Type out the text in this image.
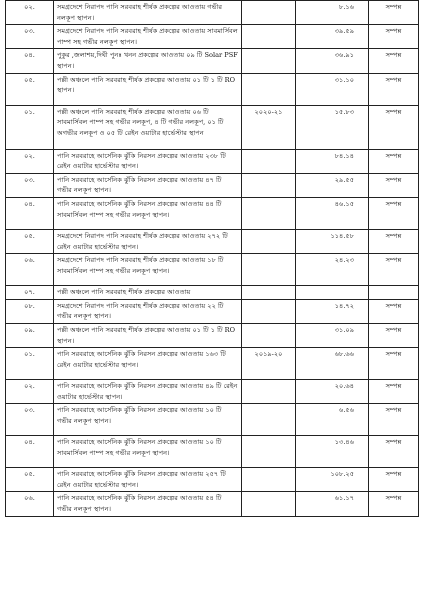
০২.	সমগ্রদেশে নিরাপদ পানি সরবরাহ শীর্ষক প্রকল্পের আওতায় গভীর নলকূপ স্থাপন।		৮.১৬	সম্পন্ন
০৩.	সমগ্রদেশে নিরাপদ পানি সরবরাহ শীর্ষক প্রকল্পের আওতায় সাবমার্সিবল পাম্প সহ গভীর নলকূপ স্থাপন।		৩৯.৫৯	সম্পন্ন
০৪.	পুকুর ,জলাশয়,দিঘী পুনঃ খনন প্রকল্পের আওতায় ০৯ টি Solar PSF স্থাপন।		৩৬.৯১	সম্পন্ন
০৫.	পল্লী অঞ্চলে পানি সরবরাহ শীর্ষক প্রকল্পের আওতায় ০১ টি ১ টি RO স্থাপন।		৩১.১০	সম্পন্ন
০১.	পল্লী অঞ্চলে পানি সরবরাহ শীর্ষক প্রকল্পের আওতায় ০৬ টি সাবমার্সিবল পাম্প সহ গভীর নলকূপ, ৪ টি গভীর নলকূপ, ০১ টি অগভীর নলকূপ ও ০৫ টি রেইন ওয়াটার হার্ভেস্টার স্থাপন	২০২০-২১	১৫.৮৩	সম্পন্ন
০২.	পানি সরবরাহে আর্সেনিক ঝুঁকি নিরসন প্রকল্পের আওতায় ২৩৮ টি রেইন ওয়াটার হার্ভেস্টার স্থাপন।		৮৪.১৪	সম্পন্ন
০৩.	পানি সরবরাহে আর্সেনিক ঝুঁকি নিরসন প্রকল্পের আওতায় ৪৭ টি গভীর নলকূপ স্থাপন।		২৯.৫৫	সম্পন্ন
০৪.	পানি সরবরাহে আর্সেনিক ঝুঁকি নিরসন প্রকল্পের আওতায় ৪৪ টি সাবমার্সিবল পাম্প সহ গভীর নলকূপ স্থাপন।		৪৬.১৫	সম্পন্ন
০৫.	সমগ্রদেশে নিরাপদ পানি সরবরাহ শীর্ষক প্রকল্পের আওতায় ২৭২ টি রেইন ওয়াটার হার্ভেস্টার স্থাপন।		১১৪.৫৮	সম্পন্ন
০৬.	সমগ্রদেশে নিরাপদ পানি সরবরাহ শীর্ষক প্রকল্পের আওতায় ১৮ টি সাবমার্সিবল পাম্প সহ গভীর নলকূপ স্থাপন।		২৪.২৩	সম্পন্ন
০৭.	পল্লী অঞ্চলে পানি সরবরাহ শীর্ষক প্রকল্পের আওতায়			
০৮.	সমগ্রদেশে নিরাপদ পানি সরবরাহ শীর্ষক প্রকল্পের আওতায় ২২ টি গভীর নলকূপ স্থাপন।		১৪.৭২	সম্পন্ন
০৯.	পল্লী অঞ্চলে পানি সরবরাহ শীর্ষক প্রকল্পের আওতায় ০১ টি ১ টি RO স্থাপন।		৩১.০৯	সম্পন্ন
০১.	পানি সরবরাহে আর্সেনিক ঝুঁকি নিরসন প্রকল্পের আওতায় ১৬৩ টি রেইন ওয়াটার হার্ভেস্টার স্থাপন।	২০১৯-২০	৬৮.৬৬	সম্পন্ন
০২.	পানি সরবরাহে আর্সেনিক ঝুঁকি নিরসন প্রকল্পের আওতায় ৪৯ টি রেইন ওয়াটার হার্ভেস্টার স্থাপন।		২০.৬৪	সম্পন্ন
০৩.	পানি সরবরাহে আর্সেনিক ঝুঁকি নিরসন প্রকল্পের আওতায় ১০ টি গভীর নলকূপ স্থাপন।		৬.৫৬	সম্পন্ন
০৪.	পানি সরবরাহে আর্সেনিক ঝুঁকি নিরসন প্রকল্পের আওতায় ১০ টি সাবমার্সিবল পাম্প সহ গভীর নলকূপ স্থাপন।		১৩.৪৬	সম্পন্ন
০৫.	পানি সরবরাহে আর্সেনিক ঝুঁকি নিরসন প্রকল্পের আওতায় ২৫৭ টি রেইন ওয়াটার হার্ভেস্টার স্থাপন।		১০৮.২৫	সম্পন্ন
০৬.	পানি সরবরাহে আর্সেনিক ঝুঁকি নিরসন প্রকল্পের আওতায় ৫৪ টি গভীর নলকূপ স্থাপন।		৬১.১৭	সম্পন্ন
